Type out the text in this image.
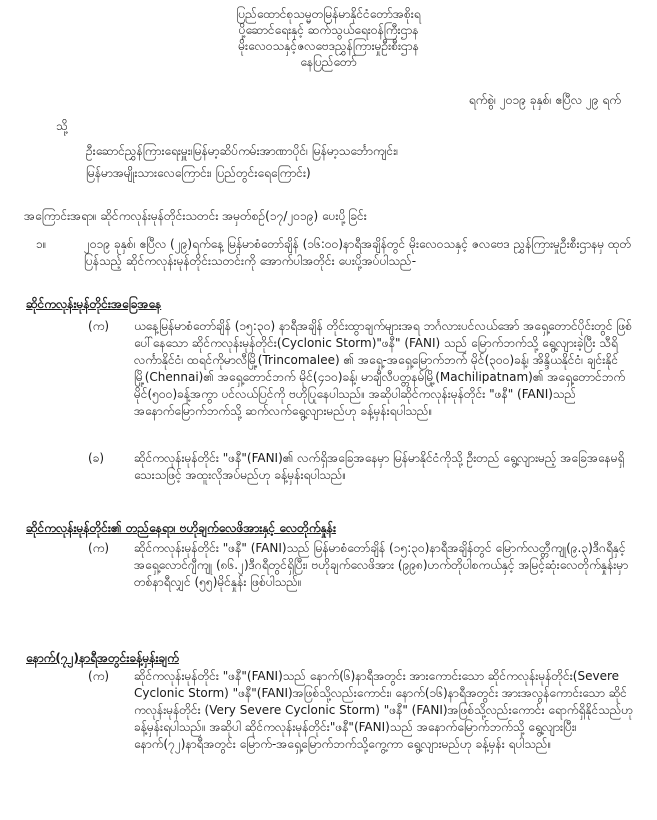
ပြည်ထောင်စုသမ္မတမြန်မာနိုင်ငံတော်အစိုးရ
ပို့ဆောင်ရေးနှင့် ဆက်သွယ်ရေးဝန်ကြီးဌာန
မိုးလေဝသနှင့်ဇလဗေဒညွှန်ကြားမှုဦးစီးဌာန
နေပြည်တော်
ရက်စွဲ၊ ၂၀၁၉ ခုနှစ်၊ ဧပြီလ ၂၉ ရက်
သို့
ဦးဆောင်ညွှန်ကြားရေးမှူး၊မြန်မာ့ဆိပ်ကမ်းအာဏာပိုင်၊ မြန်မာ့သင်္ဘောကျင်း၊
မြန်မာအမျိုးသားလေကြောင်း၊ ပြည်တွင်းရေကြောင်း)
အကြောင်းအရာ။ ဆိုင်ကလုန်းမုန်တိုင်းသတင်း အမှတ်စဉ်(၁၇/၂၀၁၉) ပေးပို့ခြင်း
၁။	၂၀၁၉ ခုနှစ်၊ ဧပြီလ (၂၉)ရက်နေ့ မြန်မာစံတော်ချိန် (၁၆:၀၀)နာရီအချိန်တွင် မိုးလေဝသနှင့် ဇလဗေဒ ညွှန်ကြားမှုဦးစီးဌာနမှ ထုတ်ပြန်သည့် ဆိုင်ကလုန်းမုန်တိုင်းသတင်းကို အောက်ပါအတိုင်း ပေးပို့အပ်ပါသည်-
ဆိုင်ကလုန်းမုန်တိုင်းအခြေအနေ
(က)	ယနေ့မြန်မာစံတော်ချိန် (၁၅:၃၀) နာရီအချိန် တိုင်းထွာချက်များအရ ဘင်္ဂလားပင်လယ်အော် အရှေ့တောင်ပိုင်းတွင် ဖြစ်ပေါ်နေသော ဆိုင်ကလုန်းမုန်တိုင်း(Cyclonic Storm)"ဖနီ" (FANI) သည် မြောက်ဘက်သို့ ရွေ့လျားခဲ့ပြီး သီရိလင်္ကာနိုင်ငံ၊ ထရင်ကိုမာလီမြို့(Trincomalee) ၏ အရှေ့-အရှေ့မြောက်ဘက် မိုင်(၃၀၀)ခန့်၊ အိန္ဒိယနိုင်ငံ၊ ချင်းနိုင်မြို့(Chennai)၏ အရှေ့တောင်ဘက် မိုင်(၄၁၀)ခန့်၊ မာချီလီပတ္တနမ်မြို့(Machilipatnam)၏ အရှေ့တောင်ဘက် မိုင်(၅၀၀)ခန့်အကွာ ပင်လယ်ပြင်ကို ဗဟိုပြုနေပါသည်။ အဆိုပါဆိုင်ကလုန်းမုန်တိုင်း "ဖနီ" (FANI)သည် အနောက်မြောက်ဘက်သို့ ဆက်လက်ရွေ့လျားမည်ဟု ခန့်မှန်းရပါသည်။
(ခ)	ဆိုင်ကလုန်းမုန်တိုင်း "ဖနီ"(FANI)၏ လက်ရှိအခြေအနေမှာ မြန်မာနိုင်ငံကိုသို့ ဦးတည် ရွေ့လျားမည့် အခြေအနေမရှိသေးသဖြင့် အထူးလိုအပ်မည်ဟု ခန့်မှန်းရပါသည်။
ဆိုင်ကလုန်းမုန်တိုင်း၏ တည်နေရာ၊ ဗဟိုချက်လေဖိအားနှင့် လေတိုက်နှုန်း
(က)	ဆိုင်ကလုန်းမုန်တိုင်း "ဖနီ" (FANI)သည် မြန်မာစံတော်ချိန် (၁၅:၃၀)နာရီအချိန်တွင် မြောက်လတ္တီကျု(၉.၃)ဒီဂရီနှင့် အရှေ့လောင်ဂျီကျု (၈၆.၂)ဒီဂရီတွင်ရှိပြီး၊ ဗဟိုချက်လေဖိအား (၉၉၈)ဟက်တိုပါစကယ်နှင့် အမြင့်ဆုံးလေတိုက်နှုန်းမှာ တစ်နာရီလျှင် (၅၅)မိုင်နှုန်း ဖြစ်ပါသည်။
နောက်(၇၂)နာရီအတွင်းခန့်မှန်းချက်
(က)	ဆိုင်ကလုန်းမုန်တိုင်း "ဖနီ"(FANI)သည် နောက်(၆)နာရီအတွင်း အားကောင်းသော ဆိုင်ကလုန်းမုန်တိုင်း(Severe Cyclonic Storm) "ဖနီ"(FANI)အဖြစ်သို့လည်းကောင်း၊ နောက်(၁၆)နာရီအတွင်း အားအလွန်ကောင်းသော ဆိုင်ကလုန်းမုန်တိုင်း (Very Severe Cyclonic Storm) "ဖနီ" (FANI)အဖြစ်သို့လည်းကောင်း ရောက်ရှိနိုင်သည်ဟု ခန့်မှန်းရပါသည်။ အဆိုပါ ဆိုင်ကလုန်းမုန်တိုင်း"ဖနီ"(FANI)သည် အနောက်မြောက်ဘက်သို့ ရွေ့လျားပြီး၊ နောက်(၇၂)နာရီအတွင်း မြောက်-အရှေ့မြောက်ဘက်သို့ကွေ့ကာ ရွေ့လျားမည်ဟု ခန့်မှန်း ရပါသည်။
